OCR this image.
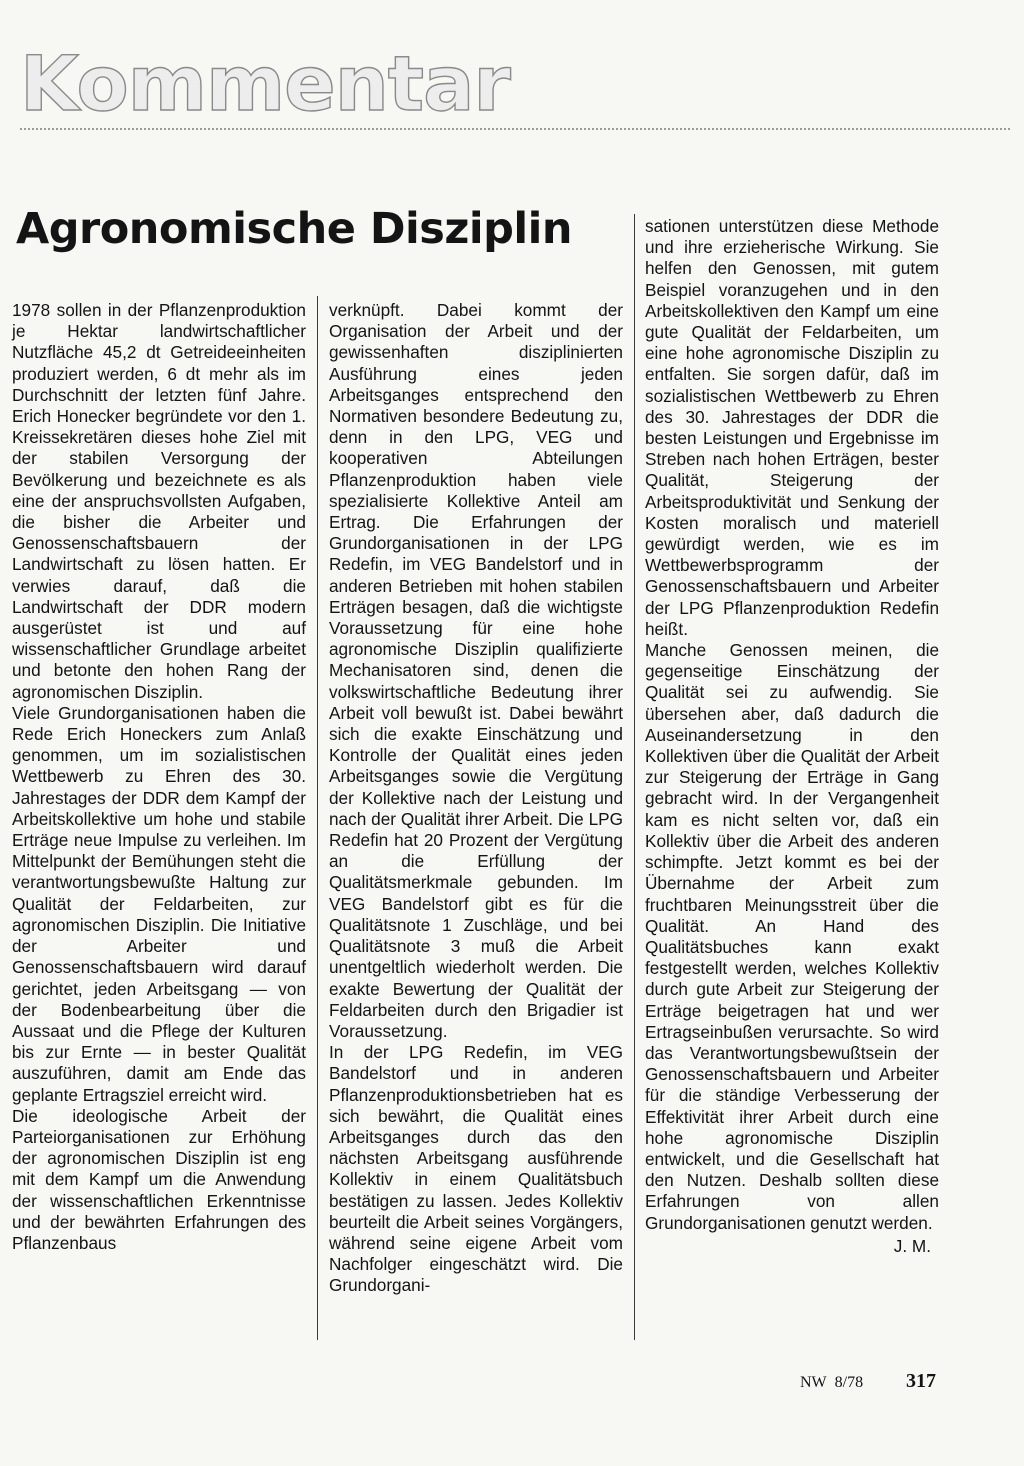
Kommentar
Agronomische Disziplin

1978 sollen in der Pflanzenproduktion je Hektar landwirtschaftlicher Nutzfläche 45,2 dt Getreideeinheiten produziert werden, 6 dt mehr als im Durchschnitt der letzten fünf Jahre. Erich Honecker begründete vor den 1. Kreissekretären dieses hohe Ziel mit der stabilen Versorgung der Bevölkerung und bezeichnete es als eine der anspruchsvollsten Aufgaben, die bisher die Arbeiter und Genossenschaftsbauern der Landwirtschaft zu lösen hatten. Er verwies darauf, daß die Landwirtschaft der DDR modern ausgerüstet ist und auf wissenschaftlicher Grundlage arbeitet und betonte den hohen Rang der agronomischen Disziplin.

Viele Grundorganisationen haben die Rede Erich Honeckers zum Anlaß genommen, um im sozialistischen Wettbewerb zu Ehren des 30. Jahrestages der DDR dem Kampf der Arbeitskollektive um hohe und stabile Erträge neue Impulse zu verleihen. Im Mittelpunkt der Bemühungen steht die verantwortungsbewußte Haltung zur Qualität der Feldarbeiten, zur agronomischen Disziplin. Die Initiative der Arbeiter und Genossenschaftsbauern wird darauf gerichtet, jeden Arbeitsgang — von der Bodenbearbeitung über die Aussaat und die Pflege der Kulturen bis zur Ernte — in bester Qualität auszuführen, damit am Ende das geplante Ertragsziel erreicht wird.

Die ideologische Arbeit der Parteiorganisationen zur Erhöhung der agronomischen Disziplin ist eng mit dem Kampf um die Anwendung der wissenschaftlichen Erkenntnisse und der bewährten Erfahrungen des Pflanzenbaus

verknüpft. Dabei kommt der Organisation der Arbeit und der gewissenhaften disziplinierten Ausführung eines jeden Arbeitsganges entsprechend den Normativen besondere Bedeutung zu, denn in den LPG, VEG und kooperativen Abteilungen Pflanzenproduktion haben viele spezialisierte Kollektive Anteil am Ertrag. Die Erfahrungen der Grundorganisationen in der LPG Redefin, im VEG Bandelstorf und in anderen Betrieben mit hohen stabilen Erträgen besagen, daß die wichtigste Voraussetzung für eine hohe agronomische Disziplin qualifizierte Mechanisatoren sind, denen die volkswirtschaftliche Bedeutung ihrer Arbeit voll bewußt ist. Dabei bewährt sich die exakte Einschätzung und Kontrolle der Qualität eines jeden Arbeitsganges sowie die Vergütung der Kollektive nach der Leistung und nach der Qualität ihrer Arbeit. Die LPG Redefin hat 20 Prozent der Vergütung an die Erfüllung der Qualitätsmerkmale gebunden. Im VEG Bandelstorf gibt es für die Qualitätsnote 1 Zuschläge, und bei Qualitätsnote 3 muß die Arbeit unentgeltlich wiederholt werden. Die exakte Bewertung der Qualität der Feldarbeiten durch den Brigadier ist Voraussetzung.

In der LPG Redefin, im VEG Bandelstorf und in anderen Pflanzenproduktionsbetrieben hat es sich bewährt, die Qualität eines Arbeitsganges durch das den nächsten Arbeitsgang ausführende Kollektiv in einem Qualitätsbuch bestätigen zu lassen. Jedes Kollektiv beurteilt die Arbeit seines Vorgängers, während seine eigene Arbeit vom Nachfolger eingeschätzt wird. Die Grundorgani-

sationen unterstützen diese Methode und ihre erzieherische Wirkung. Sie helfen den Genossen, mit gutem Beispiel voranzugehen und in den Arbeitskollektiven den Kampf um eine gute Qualität der Feldarbeiten, um eine hohe agronomische Disziplin zu entfalten. Sie sorgen dafür, daß im sozialistischen Wettbewerb zu Ehren des 30. Jahrestages der DDR die besten Leistungen und Ergebnisse im Streben nach hohen Erträgen, bester Qualität, Steigerung der Arbeitsproduktivität und Senkung der Kosten moralisch und materiell gewürdigt werden, wie es im Wettbewerbsprogramm der Genossenschaftsbauern und Arbeiter der LPG Pflanzenproduktion Redefin heißt.

Manche Genossen meinen, die gegenseitige Einschätzung der Qualität sei zu aufwendig. Sie übersehen aber, daß dadurch die Auseinandersetzung in den Kollektiven über die Qualität der Arbeit zur Steigerung der Erträge in Gang gebracht wird. In der Vergangenheit kam es nicht selten vor, daß ein Kollektiv über die Arbeit des anderen schimpfte. Jetzt kommt es bei der Übernahme der Arbeit zum fruchtbaren Meinungsstreit über die Qualität. An Hand des Qualitätsbuches kann exakt festgestellt werden, welches Kollektiv durch gute Arbeit zur Steigerung der Erträge beigetragen hat und wer Ertragseinbußen verursachte. So wird das Verantwortungsbewußtsein der Genossenschaftsbauern und Arbeiter für die ständige Verbesserung der Effektivität ihrer Arbeit durch eine hohe agronomische Disziplin entwickelt, und die Gesellschaft hat den Nutzen. Deshalb sollten diese Erfahrungen von allen Grundorganisationen genutzt werden.

J. M.

NW 8/78 317
